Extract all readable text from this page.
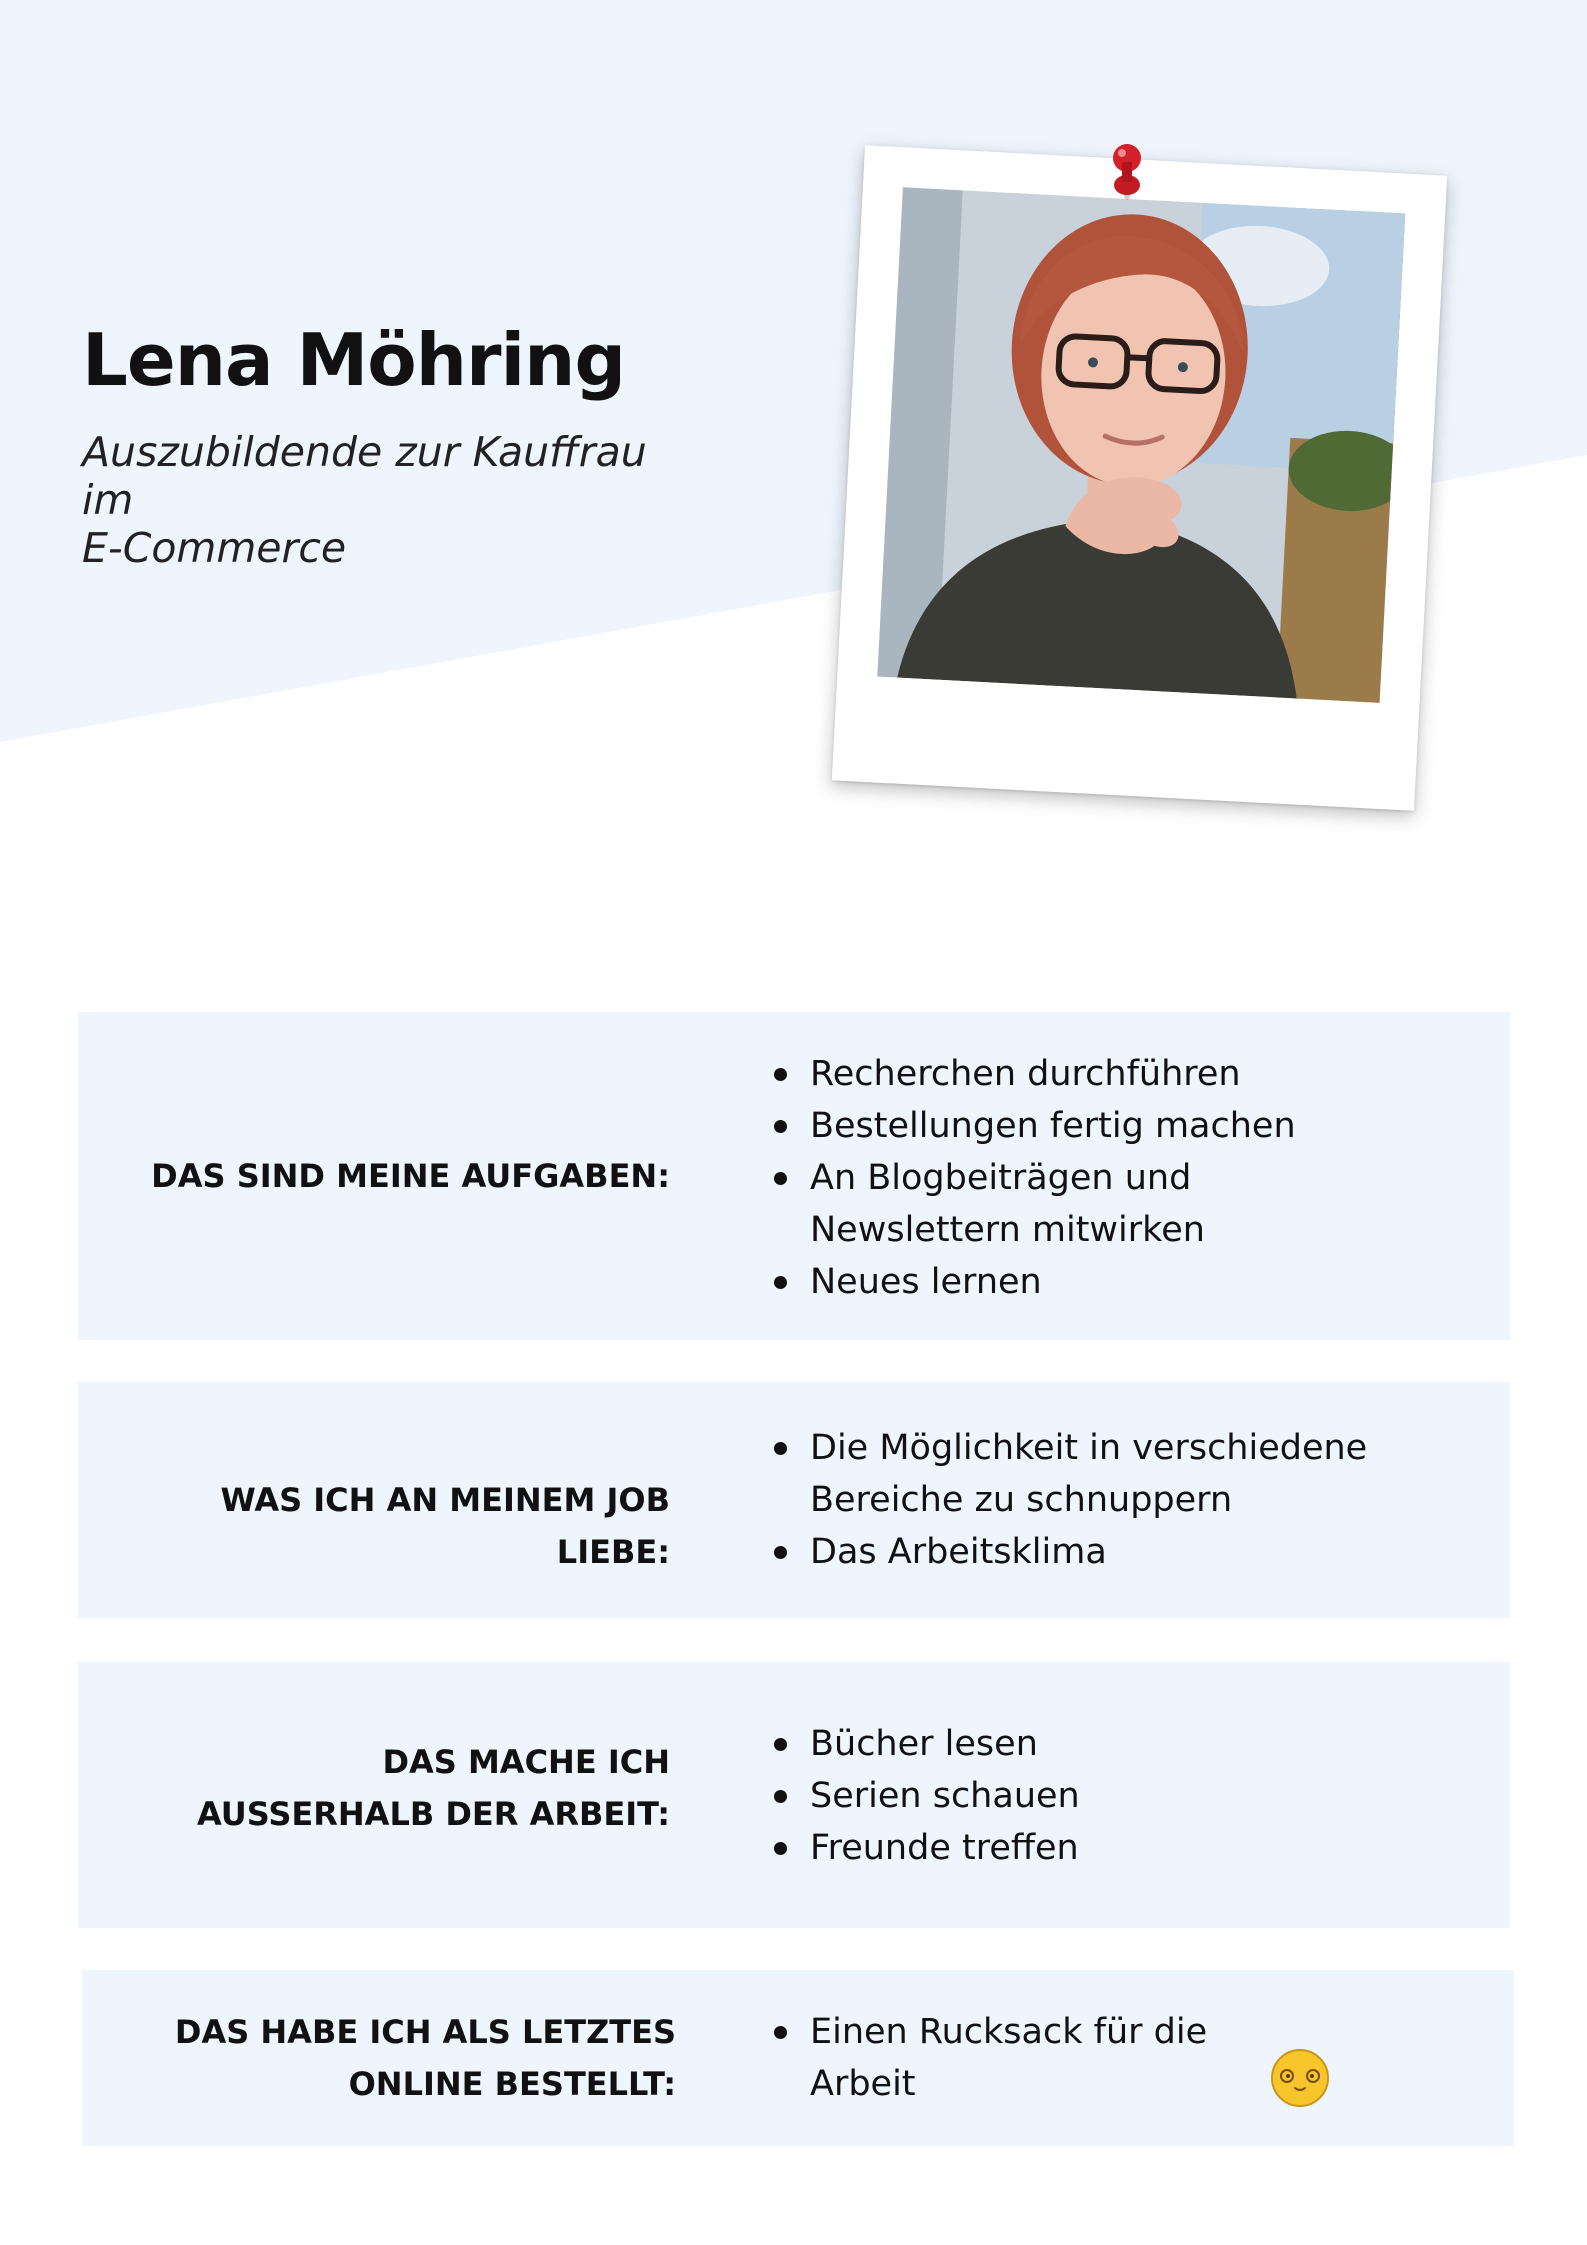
Lena Möhring

Auszubildende zur Kauffrau im
E-Commerce

DAS SIND MEINE AUFGABEN:
Recherchen durchführen
Bestellungen fertig machen
An Blogbeiträgen und Newslettern mitwirken
Neues lernen
WAS ICH AN MEINEM JOB LIEBE:
Die Möglichkeit in verschiedene Bereiche zu schnuppern
Das Arbeitsklima
DAS MACHE ICH
AUSSERHALB DER ARBEIT:
Bücher lesen
Serien schauen
Freunde treffen
DAS HABE ICH ALS LETZTES
ONLINE BESTELLT:
Einen Rucksack für die Arbeit
